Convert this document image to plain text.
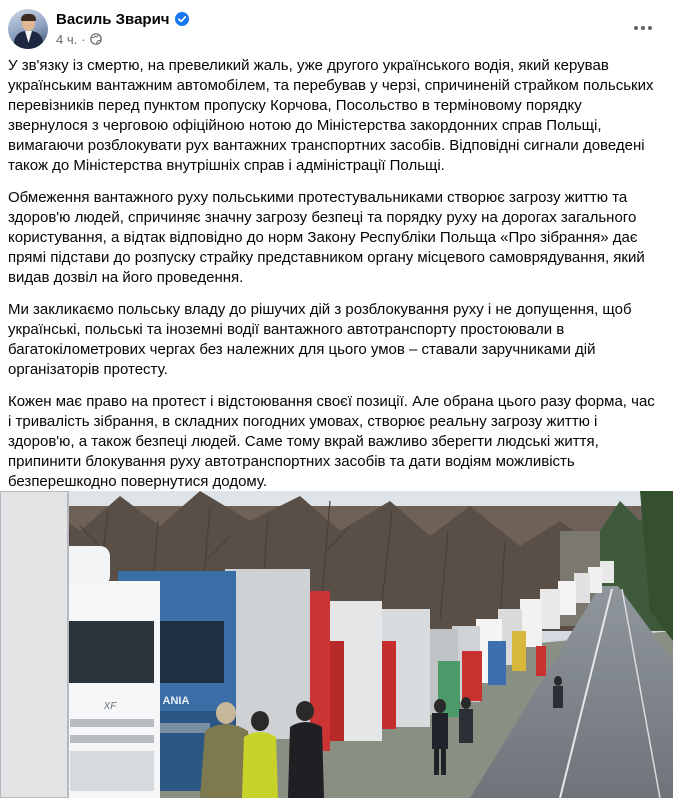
Василь Зварич
4 ч. ·

У зв'язку із смертю, на превеликий жаль, уже другого українського водія, який керував українським вантажним автомобілем, та перебував у черзі, спричиненій страйком польських перевізників перед пунктом пропуску Корчова, Посольство в терміновому порядку звернулося з черговою офіційною нотою до Міністерства закордонних справ Польщі, вимагаючи розблокувати рух вантажних транспортних засобів. Відповідні сигнали доведені також до Міністерства внутрішніх справ і адміністрації Польщі.

Обмеження вантажного руху польськими протестувальниками створює загрозу життю та здоров'ю людей, спричиняє значну загрозу безпеці та порядку руху на дорогах загального користування, а відтак відповідно до норм Закону Республіки Польща «Про зібрання» дає прямі підстави до розпуску страйку представником органу місцевого самоврядування, який видав дозвіл на його проведення.

Ми закликаємо польську владу до рішучих дій з розблокування руху і не допущення, щоб українські, польські та іноземні водії вантажного автотранспорту простоювали в багатокілометрових чергах без належних для цього умов – ставали заручниками дій організаторів протесту.

Кожен має право на протест і відстоювання своєї позиції. Але обрана цього разу форма, час і тривалість зібрання, в складних погодних умовах, створює реальну загрозу життю і здоров'ю, а також безпеці людей. Саме тому вкрай важливо зберегти людські життя, припинити блокування руху автотранспортних засобів та дати водіям можливість безперешкодно повернутися додому.

ANIA
XF
